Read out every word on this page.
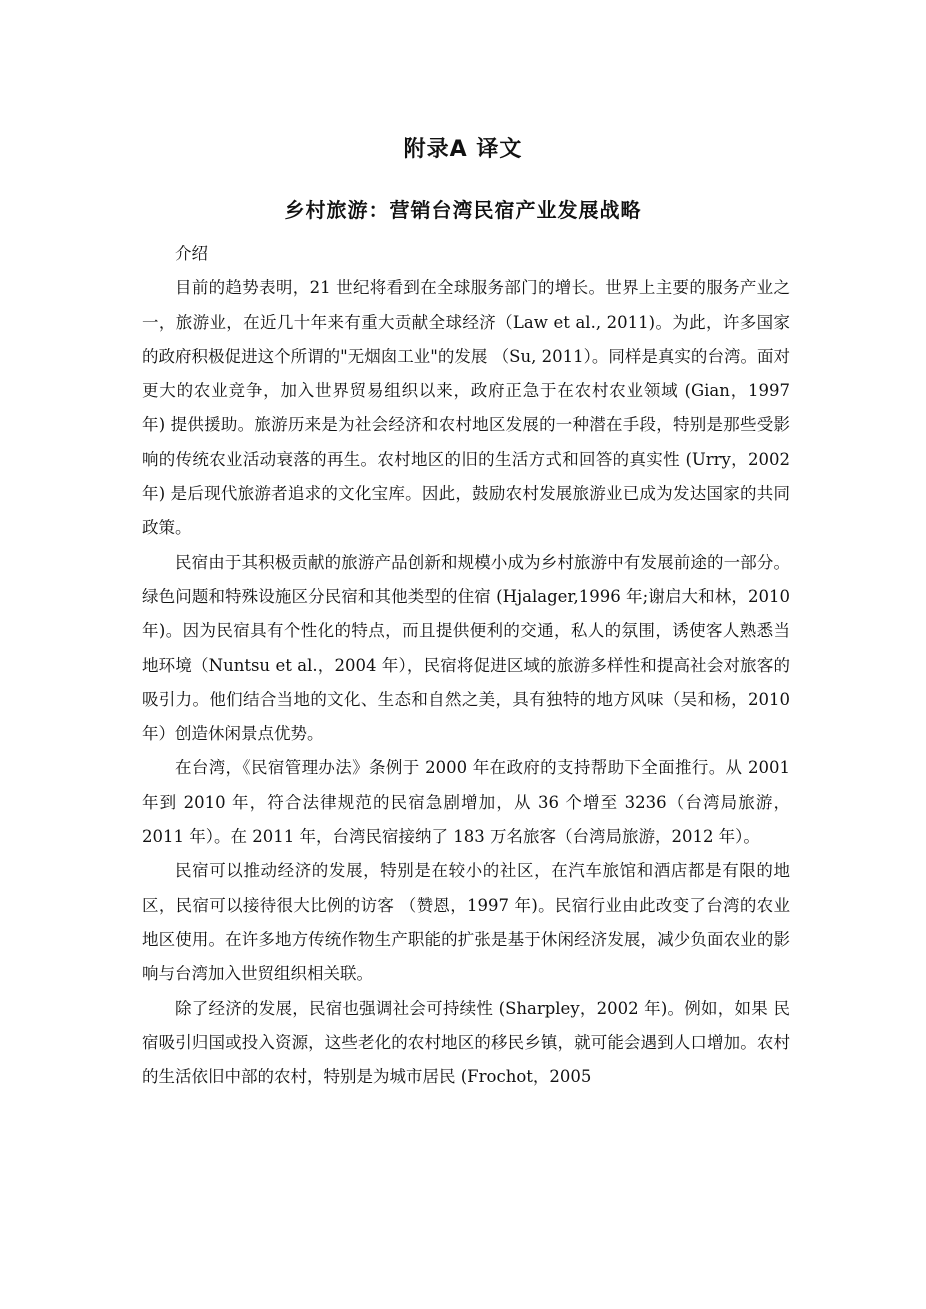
附录A 译文
乡村旅游：营销台湾民宿产业发展战略

介绍

目前的趋势表明，21 世纪将看到在全球服务部门的增长。世界上主要的服务产业之一，旅游业，在近几十年来有重大贡献全球经济（Law et al., 2011)。为此，许多国家的政府积极促进这个所谓的"无烟囱工业"的发展 （Su, 2011）。同样是真实的台湾。面对更大的农业竞争，加入世界贸易组织以来，政府正急于在农村农业领域 (Gian，1997 年) 提供援助。旅游历来是为社会经济和农村地区发展的一种潜在手段，特别是那些受影响的传统农业活动衰落的再生。农村地区的旧的生活方式和回答的真实性 (Urry，2002 年) 是后现代旅游者追求的文化宝库。因此，鼓励农村发展旅游业已成为发达国家的共同政策。

民宿由于其积极贡献的旅游产品创新和规模小成为乡村旅游中有发展前途的一部分。绿色问题和特殊设施区分民宿和其他类型的住宿 (Hjalager,1996 年;谢启大和林，2010 年)。因为民宿具有个性化的特点，而且提供便利的交通，私人的氛围，诱使客人熟悉当地环境（Nuntsu et al.，2004 年），民宿将促进区域的旅游多样性和提高社会对旅客的吸引力。他们结合当地的文化、生态和自然之美，具有独特的地方风味（吴和杨，2010 年）创造休闲景点优势。

在台湾，《民宿管理办法》条例于 2000 年在政府的支持帮助下全面推行。从 2001 年到 2010 年，符合法律规范的民宿急剧增加，从 36 个增至 3236（台湾局旅游，2011 年）。在 2011 年，台湾民宿接纳了 183 万名旅客（台湾局旅游，2012 年）。

民宿可以推动经济的发展，特别是在较小的社区，在汽车旅馆和酒店都是有限的地区，民宿可以接待很大比例的访客 （赞恩，1997 年)。民宿行业由此改变了台湾的农业地区使用。在许多地方传统作物生产职能的扩张是基于休闲经济发展，减少负面农业的影响与台湾加入世贸组织相关联。

除了经济的发展，民宿也强调社会可持续性 (Sharpley，2002 年)。例如，如果 民宿吸引归国或投入资源，这些老化的农村地区的移民乡镇，就可能会遇到人口增加。农村的生活依旧中部的农村，特别是为城市居民 (Frochot，2005
